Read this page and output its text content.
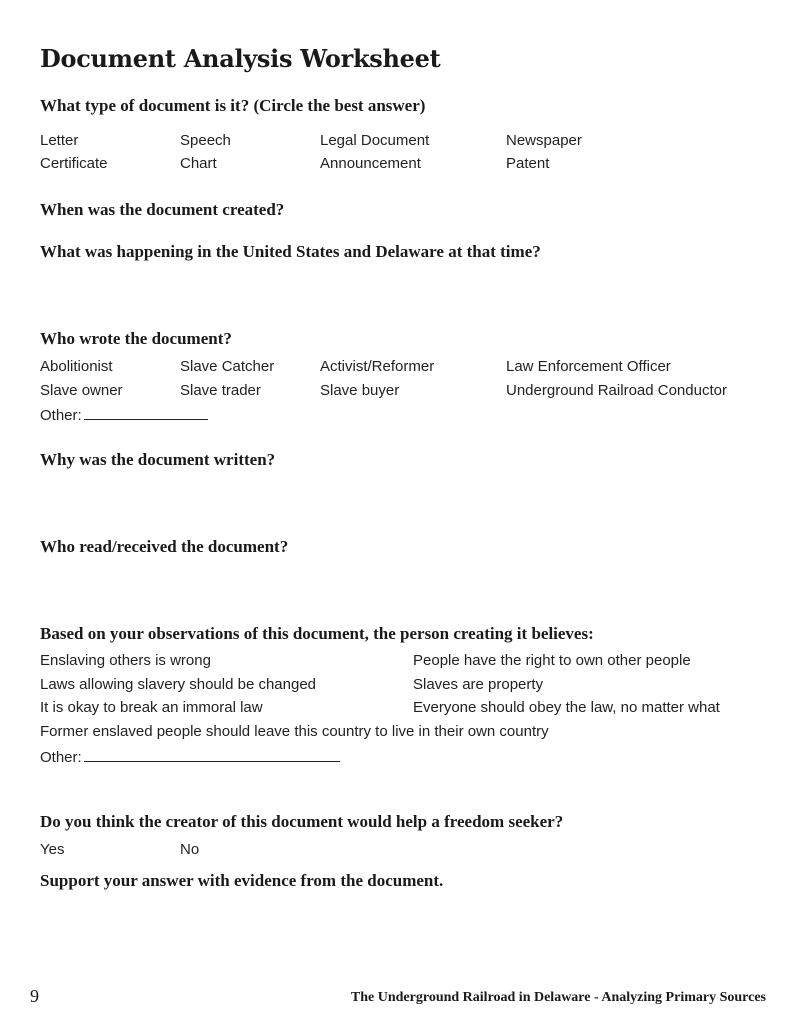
Document Analysis Worksheet

What type of document is it? (Circle the best answer)

Letter	Speech	Legal Document	Newspaper
Certificate	Chart	Announcement	Patent

When was the document created?

What was happening in the United States and Delaware at that time?

Who wrote the document?

Abolitionist	Slave Catcher	Activist/Reformer	Law Enforcement Officer
Slave owner	Slave trader	Slave buyer	Underground Railroad Conductor
Other:

Why was the document written?

Who read/received the document?

Based on your observations of this document, the person creating it believes:

Enslaving others is wrong	People have the right to own other people
Laws allowing slavery should be changed	Slaves are property
It is okay to break an immoral law	Everyone should obey the law, no matter what
Former enslaved people should leave this country to live in their own country
Other:

Do you think the creator of this document would help a freedom seeker?

Yes	No

Support your answer with evidence from the document.

9	The Underground Railroad in Delaware - Analyzing Primary Sources
